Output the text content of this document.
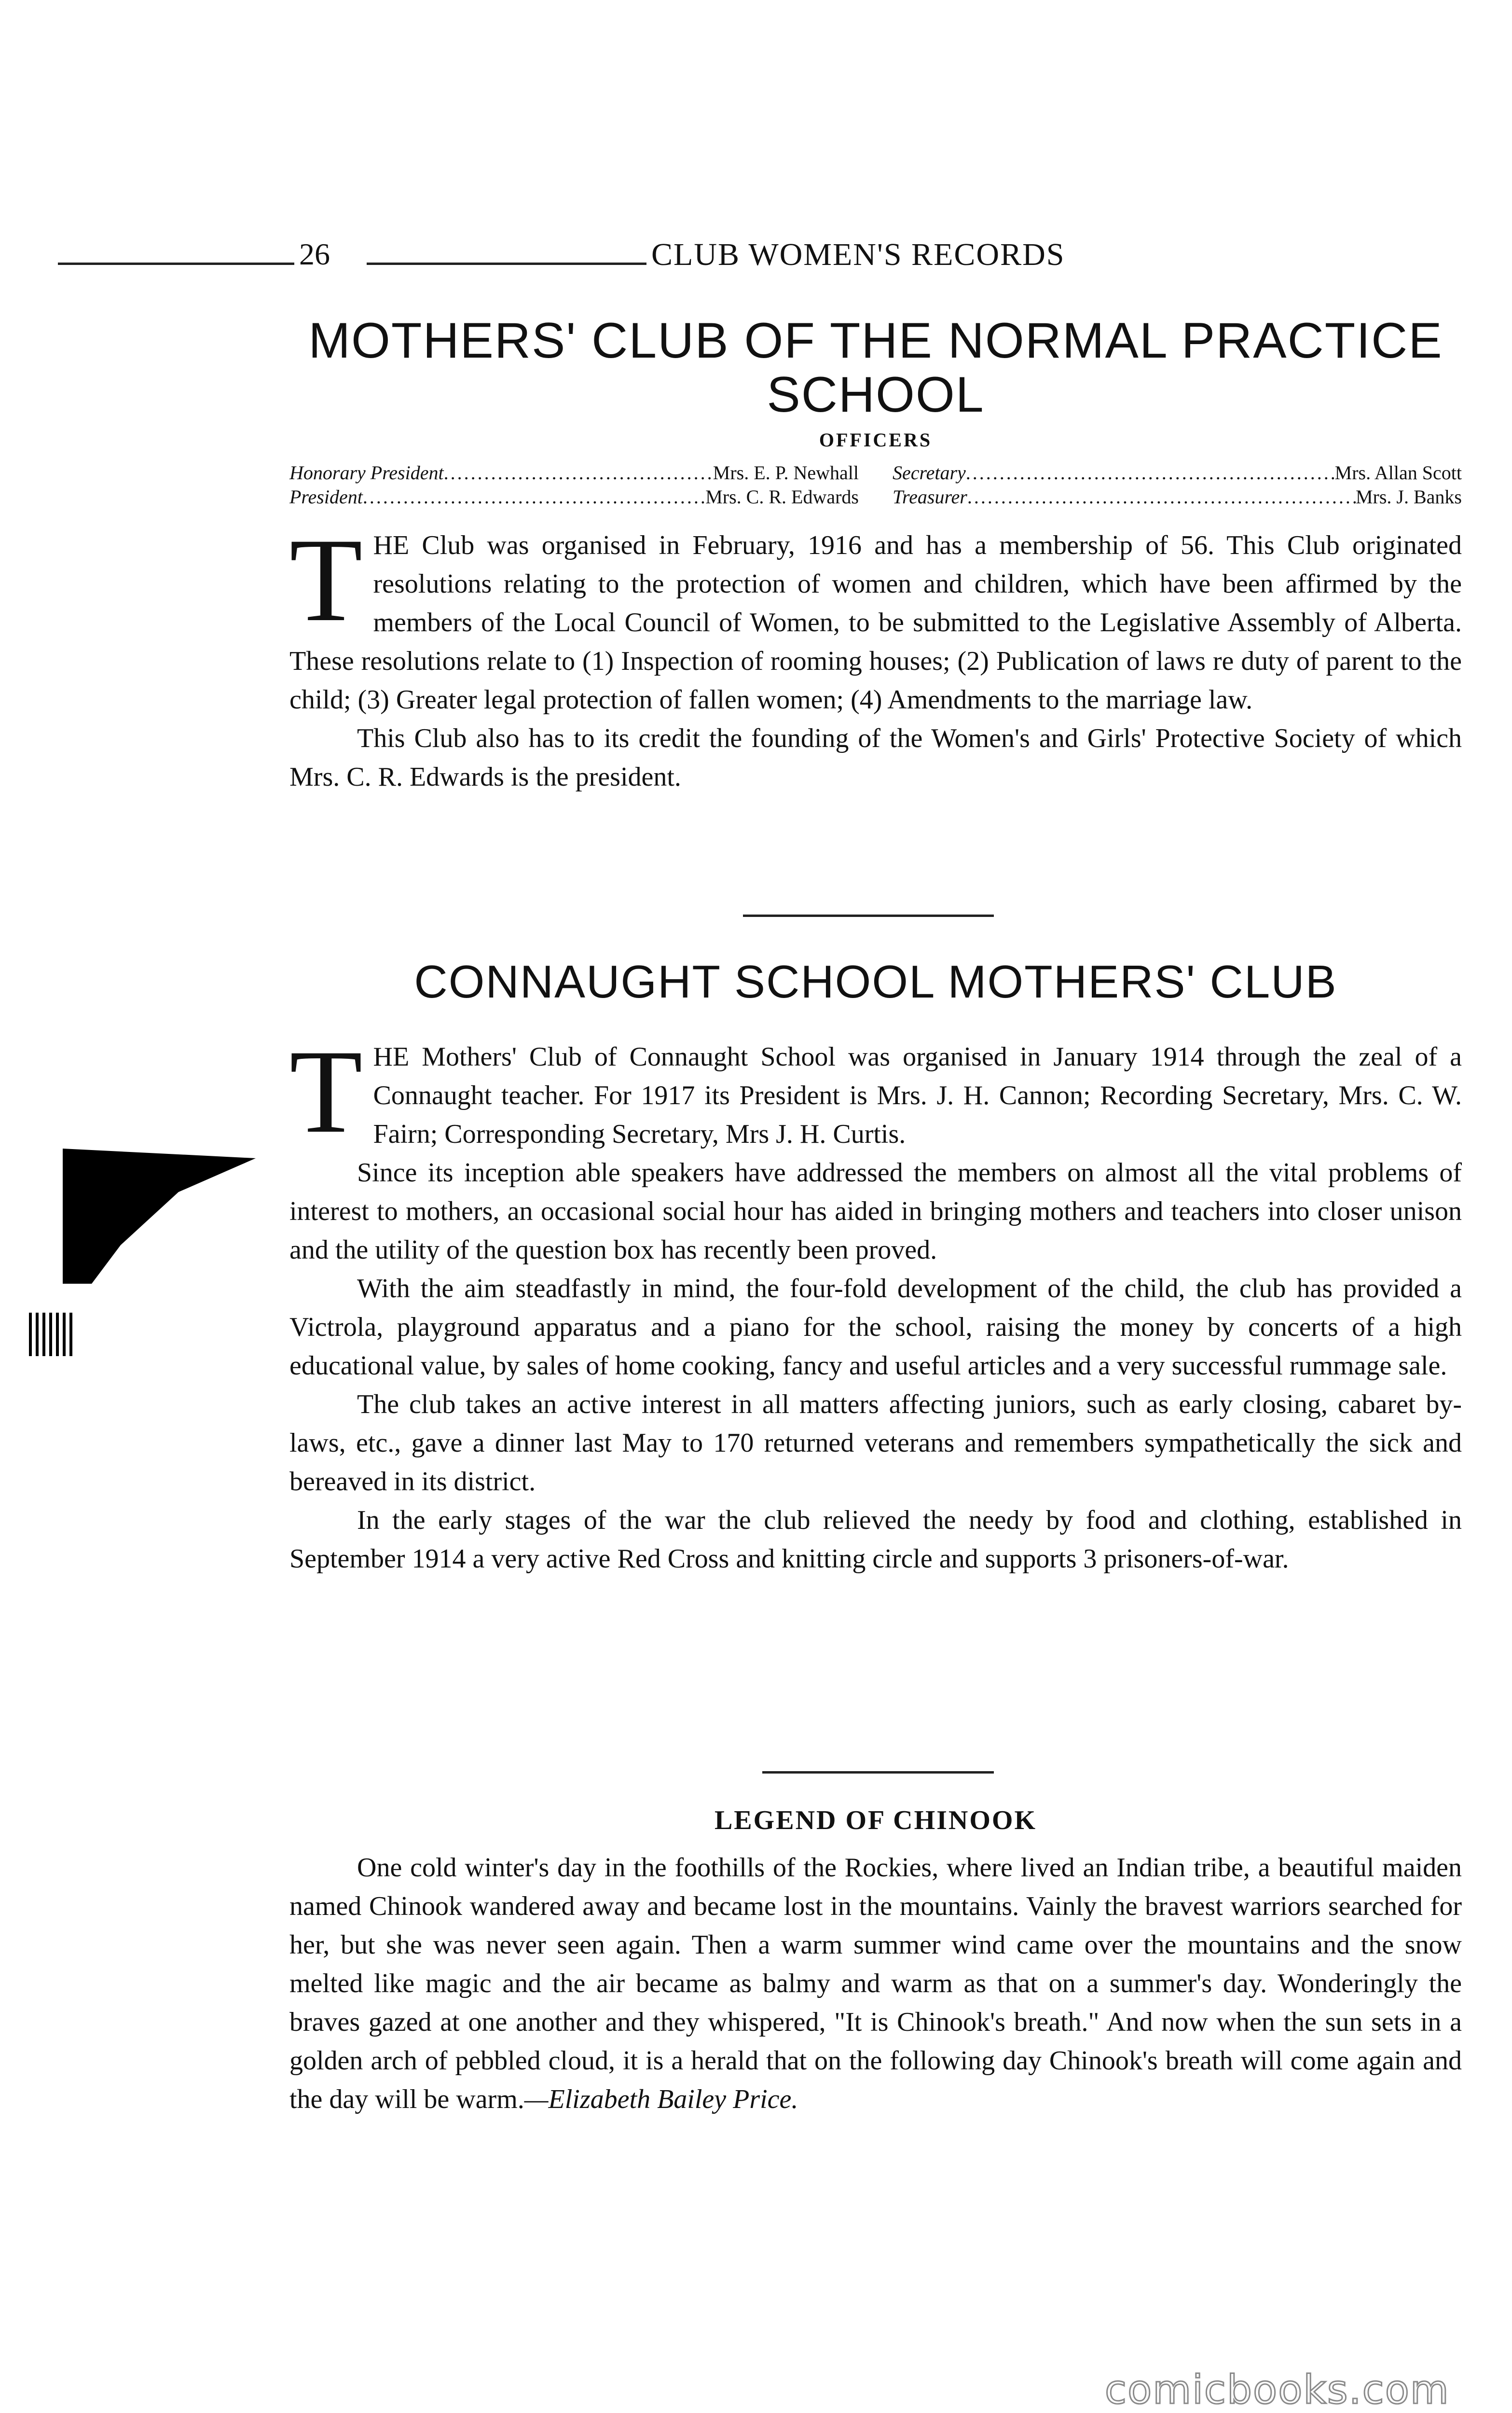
26	CLUB WOMEN'S RECORDS
MOTHERS' CLUB OF THE NORMAL PRACTICE SCHOOL
OFFICERS
Honorary President .....	Mrs. E. P. Newhall Secretary .....	Mrs. Allan Scott
President .....	Mrs. C. R. Edwards Treasurer .....	Mrs. J. Banks

THE Club was organised in February, 1916 and has a membership of 56. This Club originated resolutions relating to the protection of women and children, which have been affirmed by the members of the Local Council of Women, to be submitted to the Legislative Assembly of Alberta. These resolutions relate to (1) Inspection of rooming houses; (2) Publication of laws re duty of parent to the child; (3) Greater legal protection of fallen women; (4) Amendments to the marriage law.

This Club also has to its credit the founding of the Women's and Girls' Protective Society of which Mrs. C. R. Edwards is the president.

CONNAUGHT SCHOOL MOTHERS' CLUB

THE Mothers' Club of Connaught School was organised in January 1914 through the zeal of a Connaught teacher. For 1917 its President is Mrs. J. H. Cannon; Recording Secretary, Mrs. C. W. Fairn; Corresponding Secretary, Mrs J. H. Curtis.

Since its inception able speakers have addressed the members on almost all the vital problems of interest to mothers, an occasional social hour has aided in bringing mothers and teachers into closer unison and the utility of the question box has recently been proved.

With the aim steadfastly in mind, the four-fold development of the child, the club has provided a Victrola, playground apparatus and a piano for the school, raising the money by concerts of a high educational value, by sales of home cooking, fancy and useful articles and a very successful rummage sale.

The club takes an active interest in all matters affecting juniors, such as early closing, cabaret by-laws, etc., gave a dinner last May to 170 returned veterans and remembers sympathetically the sick and bereaved in its district.

In the early stages of the war the club relieved the needy by food and clothing, established in September 1914 a very active Red Cross and knitting circle and supports 3 prisoners-of-war.

LEGEND OF CHINOOK

One cold winter's day in the foothills of the Rockies, where lived an Indian tribe, a beautiful maiden named Chinook wandered away and became lost in the mountains. Vainly the bravest warriors searched for her, but she was never seen again. Then a warm summer wind came over the mountains and the snow melted like magic and the air became as balmy and warm as that on a summer's day. Wonderingly the braves gazed at one another and they whispered, "It is Chinook's breath." And now when the sun sets in a golden arch of pebbled cloud, it is a herald that on the following day Chinook's breath will come again and the day will be warm.—Elizabeth Bailey Price.

comicbooks.com
